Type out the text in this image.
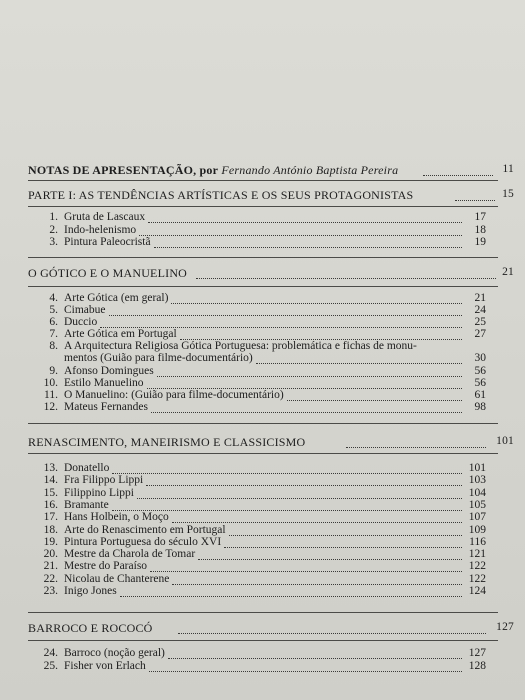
NOTAS DE APRESENTAÇÃO, por Fernando António Baptista Pereira	11
PARTE I: AS TENDÊNCIAS ARTÍSTICAS E OS SEUS PROTAGONISTAS	15
1. Gruta de Lascaux	17
2. Indo-helenismo	18
3. Pintura Paleocristã	19
O GÓTICO E O MANUELINO	21
4. Arte Gótica (em geral)	21
5. Cimabue	24
6. Duccio	25
7. Arte Gótica em Portugal	27
8. A Arquitectura Religiosa Gótica Portuguesa: problemática e fichas de monu-
mentos (Guião para filme-documentário)	30
9. Afonso Domingues	56
10. Estilo Manuelino	56
11. O Manuelino: (Guião para filme-documentário)	61
12. Mateus Fernandes	98
RENASCIMENTO, MANEIRISMO E CLASSICISMO	101
13. Donatello	101
14. Fra Filippo Lippi	103
15. Filippino Lippi	104
16. Bramante	105
17. Hans Holbein, o Moço	107
18. Arte do Renascimento em Portugal	109
19. Pintura Portuguesa do século XVI	116
20. Mestre da Charola de Tomar	121
21. Mestre do Paraíso	122
22. Nicolau de Chanterene	122
23. Inigo Jones	124
BARROCO E ROCOCÓ	127
24. Barroco (noção geral)	127
25. Fisher von Erlach	128
